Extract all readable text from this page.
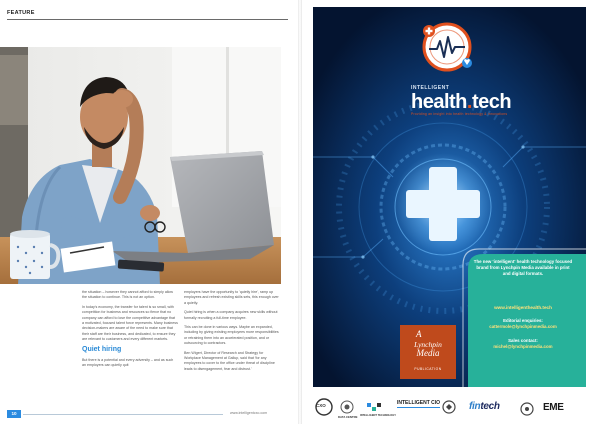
FEATURE

the situation – however they cannot afford to simply allow the situation to continue. This is not an option.

In today's economy, the transfer for talent is so small, with competition for business and resources so fierce that no company can afford to lose the competitive advantage that a motivated, focused talent force represents. Many business decision-makers are aware of the need to make sure that their staff are their business, and dedicated, to ensure they are relevant to customers and every different markets.

Quiet hiring

But there is a potential and every adversity – and as such an employers can quietly quit

employers have the opportunity to 'quietly hire', ramp up employees and refresh existing skills sets, this enough over a quietly.

Quiet hiring is when a company acquires new skills without formally recruiting a full-time employee.

This can be done in various ways. Maybe an expanded, including by giving existing employees more responsibilities or retraining them into an accelerated position, and or outsourcing to contractors.

Ben Wigert, Director of Research and Strategy for Workplace Management at Gallup, said that 'for any employees to cover to the office under threat of discipline leads to disengagement, fear and distrust.'

10	www.intelligentcxo.com
INTELLIGENT
health.tech
Providing an insight into health technology & innovations
A
Lynchpin
Media
PUBLICATION
The new 'intelligent' health technology focused brand from Lynchpin Media available in print and digital formats.
www.intelligenthealth.tech
Editorial enquiries:
cattermole@lynchpinmedia.com
Sales contact:
michel@lynchpinmedia.com
CXO
DATA CENTRE INTELLIGENT TECHNOLOGY
INTELLIGENT CIO	fintech	EME
